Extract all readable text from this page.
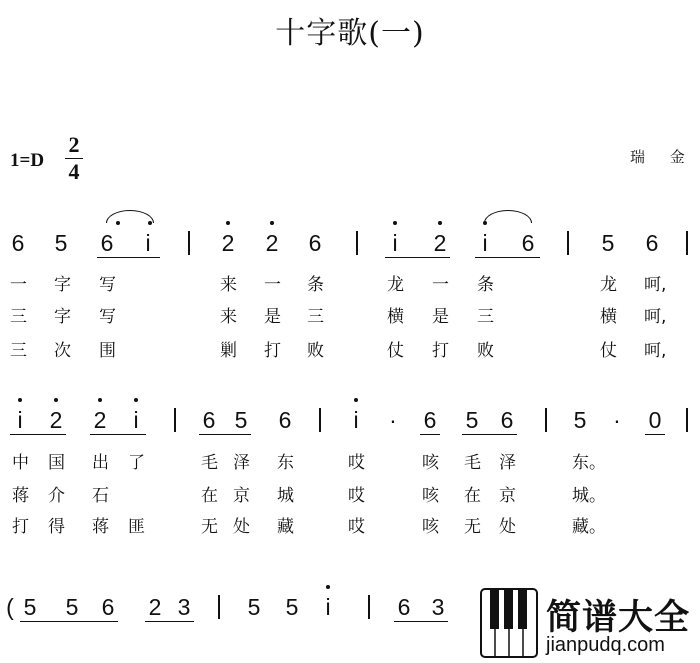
十字歌(一)
1=D
2
4
瑞 金
6 5 6	i	2 2 6	i	2	i	6	5 6
一 字 写	来 一 条	龙 一 条	龙 呵,
三 字 写	来 是 三	横 是 三	横 呵,
三 次 围	剿 打 败	仗 打 败	仗 呵,
i	2 2	i	6 5 6	i	· 6 5 6	5 · 0
中 国 出 了	毛 泽 东	哎	咳 毛 泽	东。
蒋 介 石	在 京 城	哎	咳 在 京	城。
打 得 蒋 匪	无 处 藏	哎	咳 无 处	藏。
( 5 5 6 2 3 5 5	i	6 3	简谱大全
jianpudq.com
